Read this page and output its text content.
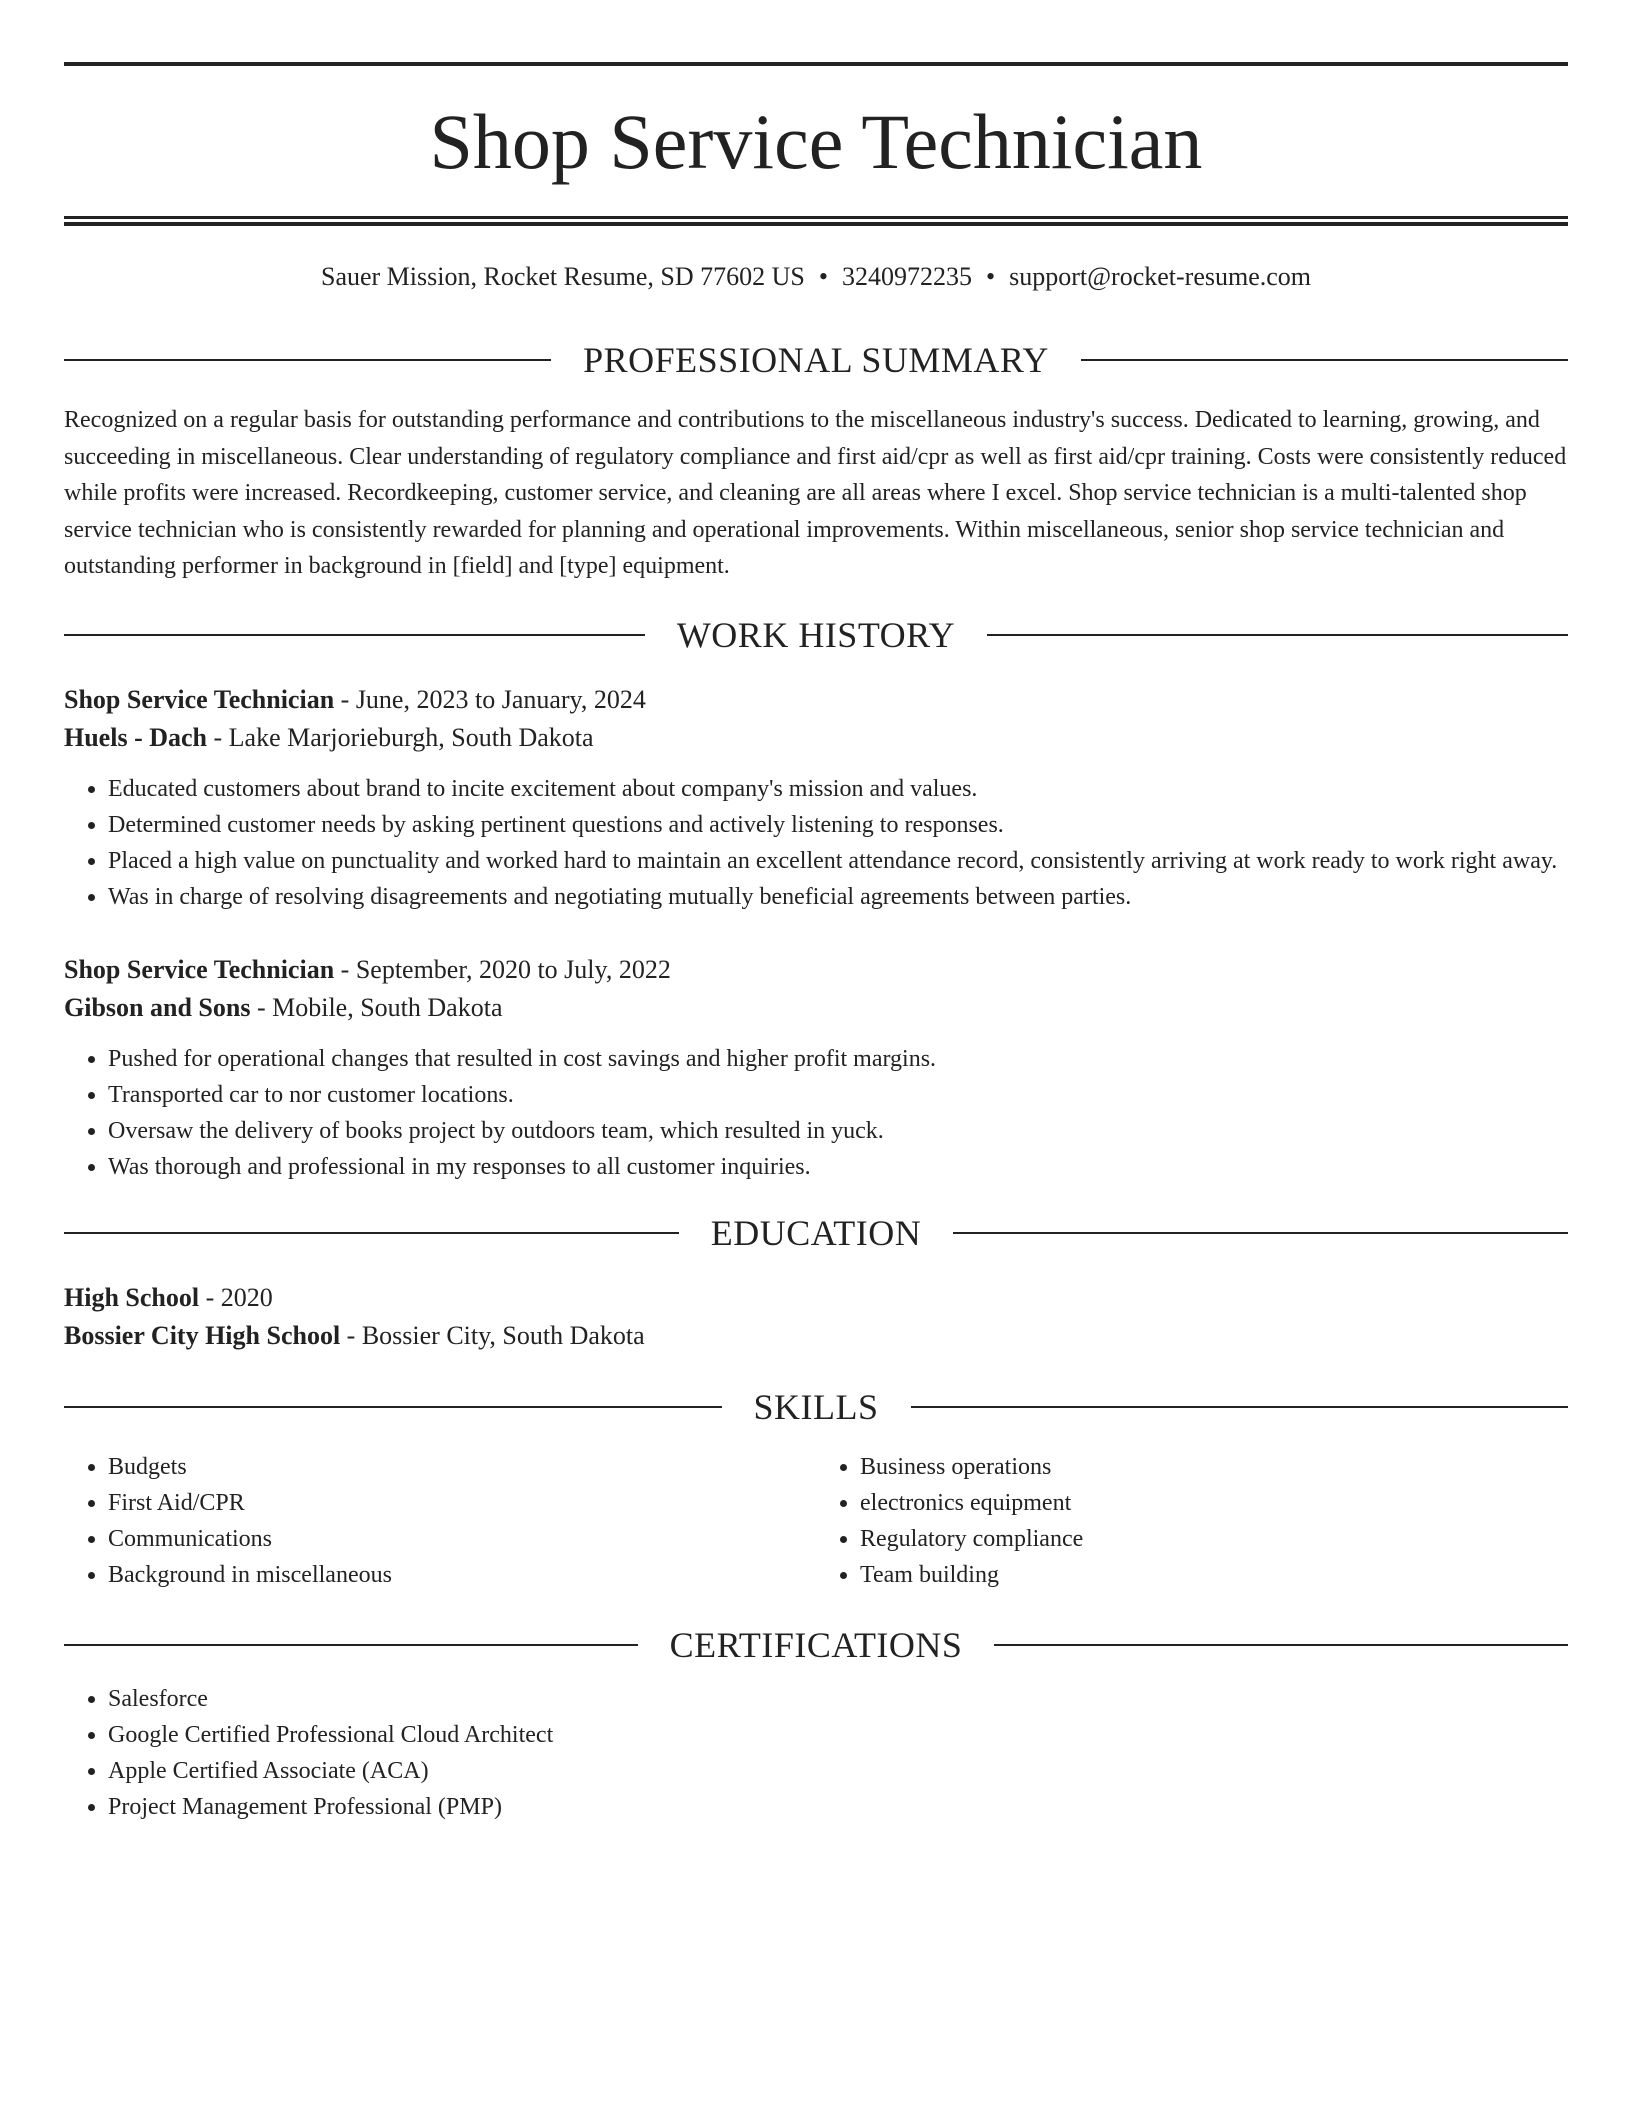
Shop Service Technician
Sauer Mission, Rocket Resume, SD 77602 US • 3240972235 • support@rocket-resume.com
PROFESSIONAL SUMMARY

Recognized on a regular basis for outstanding performance and contributions to the miscellaneous industry's success. Dedicated to learning, growing, and succeeding in miscellaneous. Clear understanding of regulatory compliance and first aid/cpr as well as first aid/cpr training. Costs were consistently reduced while profits were increased. Recordkeeping, customer service, and cleaning are all areas where I excel. Shop service technician is a multi-talented shop service technician who is consistently rewarded for planning and operational improvements. Within miscellaneous, senior shop service technician and outstanding performer in background in [field] and [type] equipment.

WORK HISTORY
Shop Service Technician - June, 2023 to January, 2024
Huels - Dach - Lake Marjorieburgh, South Dakota
• Educated customers about brand to incite excitement about company's mission and values.
• Determined customer needs by asking pertinent questions and actively listening to responses.
• Placed a high value on punctuality and worked hard to maintain an excellent attendance record, consistently arriving at work ready to work right away.
• Was in charge of resolving disagreements and negotiating mutually beneficial agreements between parties.
Shop Service Technician - September, 2020 to July, 2022
Gibson and Sons - Mobile, South Dakota
• Pushed for operational changes that resulted in cost savings and higher profit margins.
• Transported car to nor customer locations.
• Oversaw the delivery of books project by outdoors team, which resulted in yuck.
• Was thorough and professional in my responses to all customer inquiries.
EDUCATION
High School - 2020
Bossier City High School - Bossier City, South Dakota
SKILLS
• Budgets
• First Aid/CPR
• Communications
• Background in miscellaneous
• Business operations
• electronics equipment
• Regulatory compliance
• Team building
CERTIFICATIONS
• Salesforce
• Google Certified Professional Cloud Architect
• Apple Certified Associate (ACA)
• Project Management Professional (PMP)
